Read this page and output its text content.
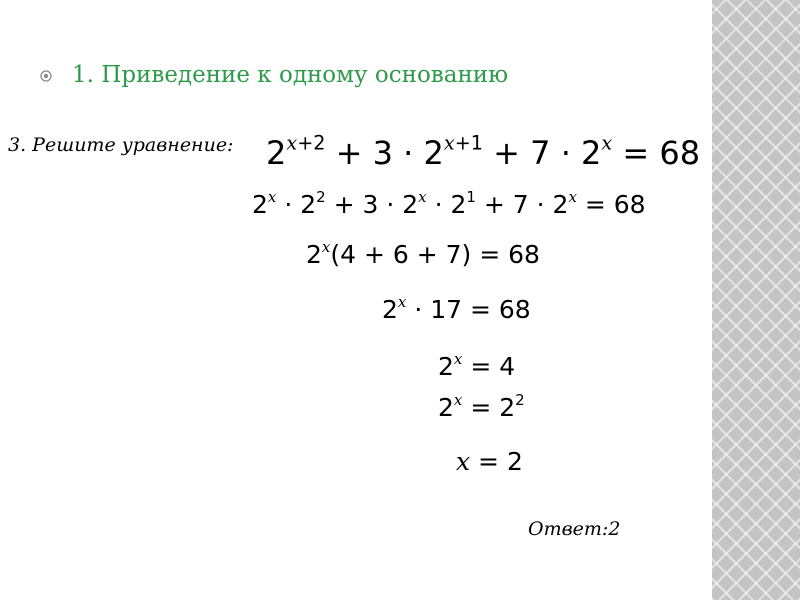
1. Приведение к одному основанию
3. Решите уравнение: $2^{x+2} + 3 \cdot 2^{x+1} + 7 \cdot 2^x = 68$
$2^x \cdot 2^2 + 3 \cdot 2^x \cdot 2^1 + 7 \cdot 2^x = 68$
$2^x(4 + 6 + 7) = 68$
$2^x \cdot 17 = 68$
$2^x = 4$
$2^x = 2^2$
x = 2
Ответ:2
